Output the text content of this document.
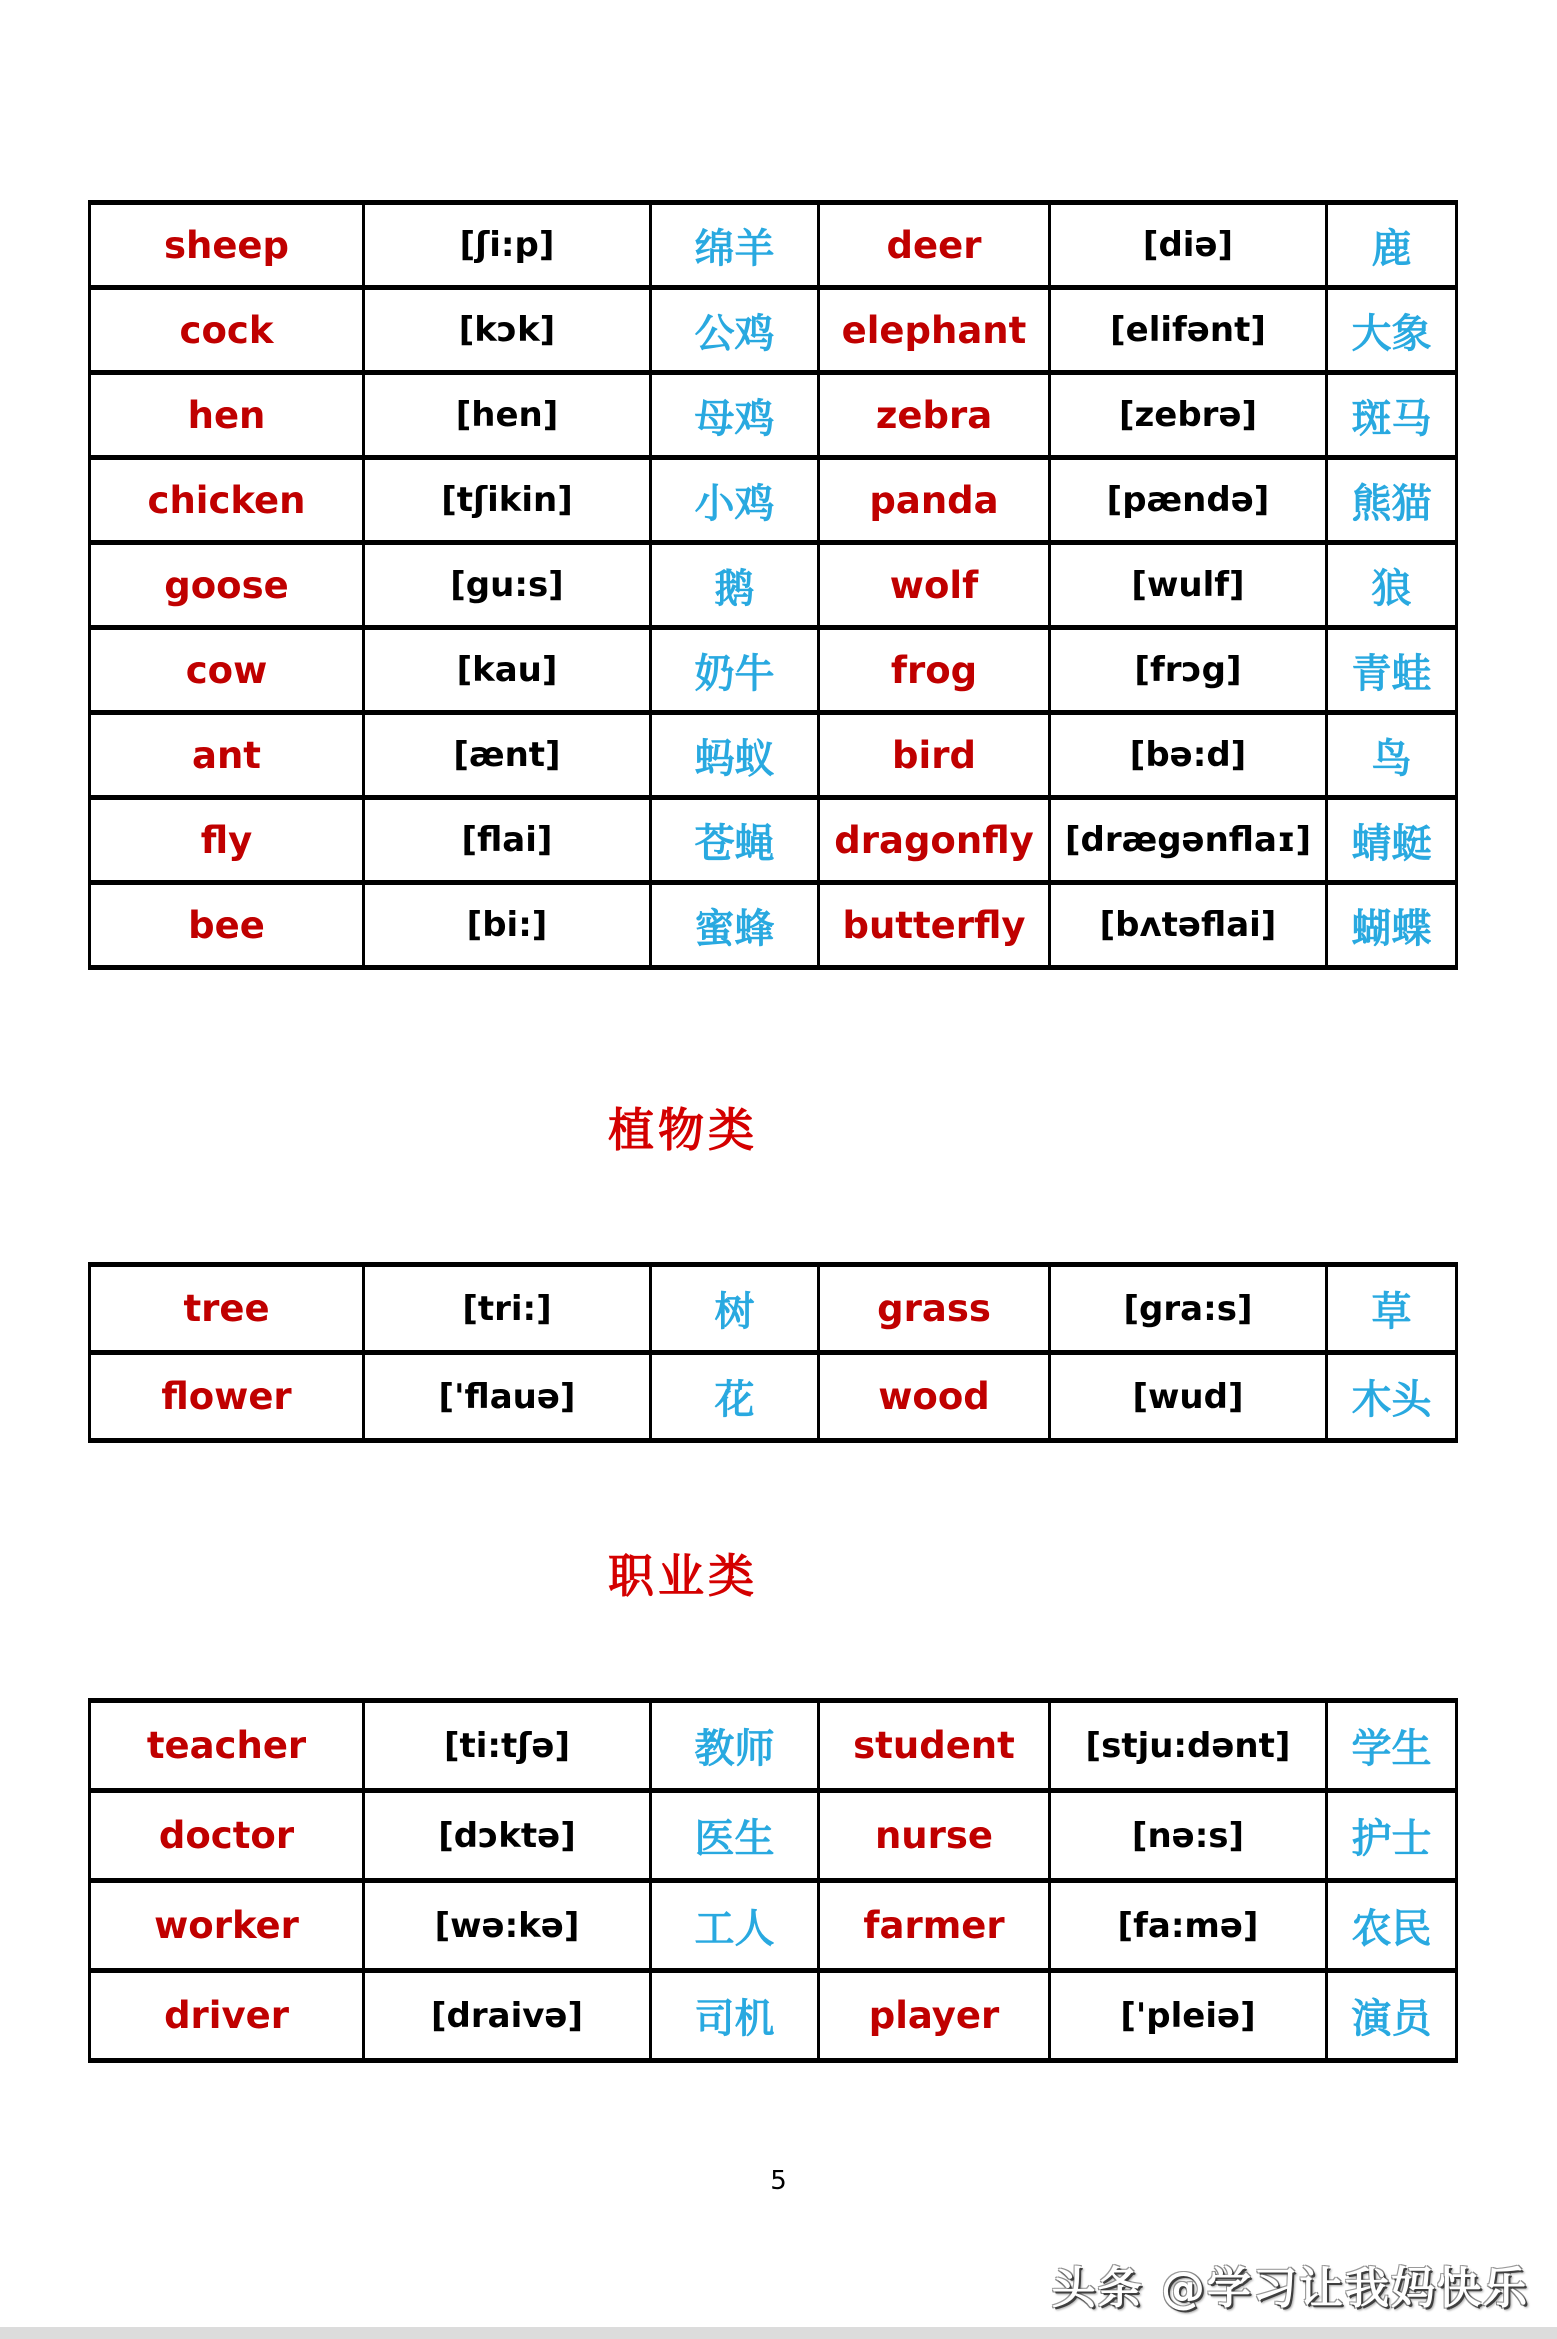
sheep	[ʃi:p]	绵羊	deer	[diə]	鹿
cock	[kɔk]	公鸡	elephant	[elifənt]	大象
hen	[hen]	母鸡	zebra	[zebrə]	斑马
chicken	[tʃikin]	小鸡	panda	[pændə]	熊猫
goose	[gu:s]	鹅	wolf	[wulf]	狼
cow	[kau]	奶牛	frog	[frɔg]	青蛙
ant	[ænt]	蚂蚁	bird	[bə:d]	鸟
fly	[flai]	苍蝇	dragonfly	[drægənflaɪ]	蜻蜓
bee	[bi:]	蜜蜂	butterfly	[bʌtəflai]	蝴蝶
植物类
tree	[tri:]	树	grass	[gra:s]	草
flower	['flauə]	花	wood	[wud]	木头
职业类
teacher	[ti:tʃə]	教师	student	[stju:dənt]	学生
doctor	[dɔktə]	医生	nurse	[nə:s]	护士
worker	[wə:kə]	工人	farmer	[fa:mə]	农民
driver	[draivə]	司机	player	['pleiə]	演员
5
头条 @学习让我妈快乐
